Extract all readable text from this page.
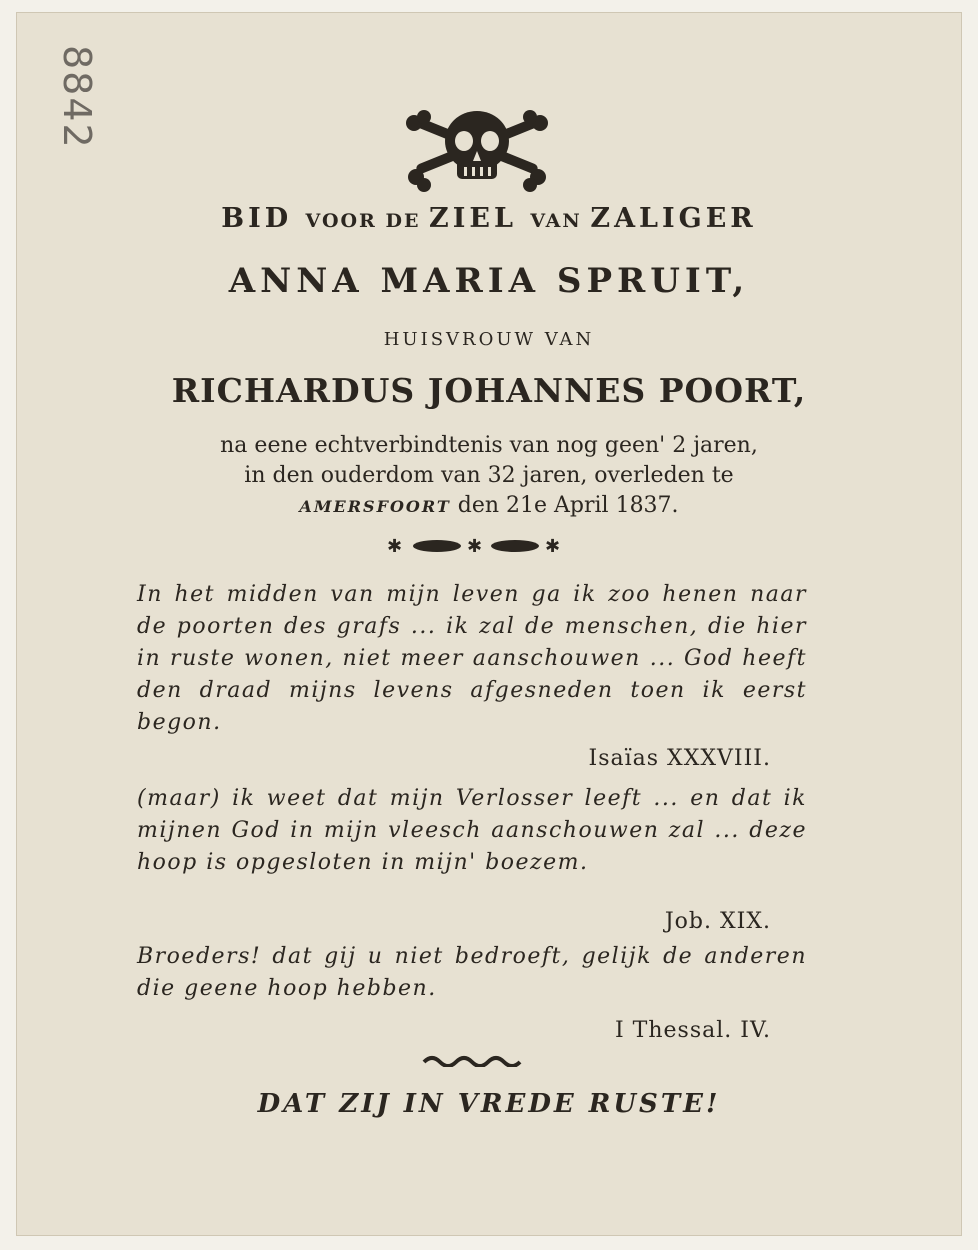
8842
BID VOOR DE ZIEL VAN ZALIGER
ANNA MARIA SPRUIT,
HUISVROUW VAN
RICHARDUS JOHANNES POORT,
na eene echtverbindtenis van nog geen' 2 jaren,
in den ouderdom van 32 jaren, overleden te
AMERSFOORT den 21e April 1837.
✱	✱	✱
In het midden van mijn leven ga ik zoo henen naar de poorten des grafs ... ik zal de menschen, die hier in ruste wonen, niet meer aanschouwen ... God heeft den draad mijns levens afgesneden toen ik eerst begon.
Isaïas XXXVIII.
(maar) ik weet dat mijn Verlosser leeft ... en dat ik mijnen God in mijn vleesch aanschouwen zal ... deze hoop is opgesloten in mijn' boezem.
Job. XIX.
Broeders! dat gij u niet bedroeft, gelijk de anderen die geene hoop hebben.
I Thessal. IV.
DAT ZIJ IN VREDE RUSTE!
